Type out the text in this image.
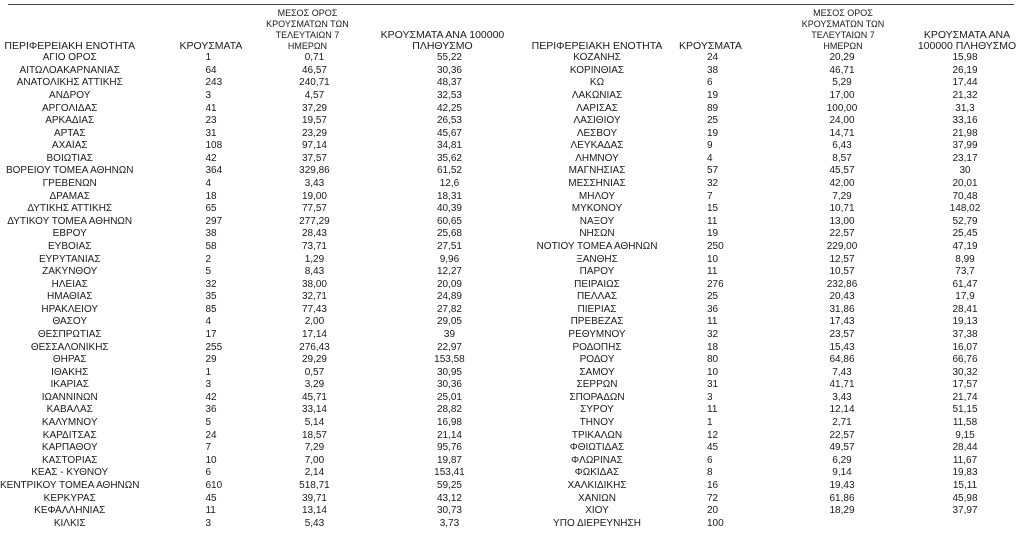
ΠΕΡΙΦΕΡΕΙΑΚΗ ΕΝΟΤΗΤΑ	ΚΡΟΥΣΜΑΤΑ	ΜΕΣΟΣ ΟΡΟΣ ΚΡΟΥΣΜΑΤΩΝ ΤΩΝ ΤΕΛΕΥΤΑΙΩΝ 7 ΗΜΕΡΩΝ	ΚΡΟΥΣΜΑΤΑ ΑΝΑ 100000 ΠΛΗΘΥΣΜΟ

ΑΓΙΟ ΟΡΟΣ	1	0,71	55,22
ΑΙΤΩΛΟΑΚΑΡΝΑΝΙΑΣ	64	46,57	30,36
ΑΝΑΤΟΛΙΚΗΣ ΑΤΤΙΚΗΣ	243	240,71	48,37
ΑΝΔΡΟΥ	3	4,57	32,53
ΑΡΓΟΛΙΔΑΣ	41	37,29	42,25
ΑΡΚΑΔΙΑΣ	23	19,57	26,53
ΑΡΤΑΣ	31	23,29	45,67
ΑΧΑΪΑΣ	108	97,14	34,81
ΒΟΙΩΤΙΑΣ	42	37,57	35,62
ΒΟΡΕΙΟΥ ΤΟΜΕΑ ΑΘΗΝΩΝ	364	329,86	61,52
ΓΡΕΒΕΝΩΝ	4	3,43	12,6
ΔΡΑΜΑΣ	18	19,00	18,31
ΔΥΤΙΚΗΣ ΑΤΤΙΚΗΣ	65	77,57	40,39
ΔΥΤΙΚΟΥ ΤΟΜΕΑ ΑΘΗΝΩΝ	297	277,29	60,65
ΕΒΡΟΥ	38	28,43	25,68
ΕΥΒΟΙΑΣ	58	73,71	27,51
ΕΥΡΥΤΑΝΙΑΣ	2	1,29	9,96
ΖΑΚΥΝΘΟΥ	5	8,43	12,27
ΗΛΕΙΑΣ	32	38,00	20,09
ΗΜΑΘΙΑΣ	35	32,71	24,89
ΗΡΑΚΛΕΙΟΥ	85	77,43	27,82
ΘΑΣΟΥ	4	2,00	29,05
ΘΕΣΠΡΩΤΙΑΣ	17	17,14	39
ΘΕΣΣΑΛΟΝΙΚΗΣ	255	276,43	22,97
ΘΗΡΑΣ	29	29,29	153,58
ΙΘΑΚΗΣ	1	0,57	30,95
ΙΚΑΡΙΑΣ	3	3,29	30,36
ΙΩΑΝΝΙΝΩΝ	42	45,71	25,01
ΚΑΒΑΛΑΣ	36	33,14	28,82
ΚΑΛΥΜΝΟΥ	5	5,14	16,98
ΚΑΡΔΙΤΣΑΣ	24	18,57	21,14
ΚΑΡΠΑΘΟΥ	7	7,29	95,76
ΚΑΣΤΟΡΙΑΣ	10	7,00	19,87
ΚΕΑΣ - ΚΥΘΝΟΥ	6	2,14	153,41
ΚΕΝΤΡΙΚΟΥ ΤΟΜΕΑ ΑΘΗΝΩΝ	610	518,71	59,25
ΚΕΡΚΥΡΑΣ	45	39,71	43,12
ΚΕΦΑΛΛΗΝΙΑΣ	11	13,14	30,73
ΚΙΛΚΙΣ	3	5,43	3,73
ΠΕΡΙΦΕΡΕΙΑΚΗ ΕΝΟΤΗΤΑ	ΚΡΟΥΣΜΑΤΑ	ΜΕΣΟΣ ΟΡΟΣ ΚΡΟΥΣΜΑΤΩΝ ΤΩΝ ΤΕΛΕΥΤΑΙΩΝ 7 ΗΜΕΡΩΝ	ΚΡΟΥΣΜΑΤΑ ΑΝΑ 100000 ΠΛΗΘΥΣΜΟ

ΚΟΖΑΝΗΣ	24	20,29	15,98
ΚΟΡΙΝΘΙΑΣ	38	46,71	26,19
ΚΩ	6	5,29	17,44
ΛΑΚΩΝΙΑΣ	19	17,00	21,32
ΛΑΡΙΣΑΣ	89	100,00	31,3
ΛΑΣΙΘΙΟΥ	25	24,00	33,16
ΛΕΣΒΟΥ	19	14,71	21,98
ΛΕΥΚΑΔΑΣ	9	6,43	37,99
ΛΗΜΝΟΥ	4	8,57	23,17
ΜΑΓΝΗΣΙΑΣ	57	45,57	30
ΜΕΣΣΗΝΙΑΣ	32	42,00	20,01
ΜΗΛΟΥ	7	7,29	70,48
ΜΥΚΟΝΟΥ	15	10,71	148,02
ΝΑΞΟΥ	11	13,00	52,79
ΝΗΣΩΝ	19	22,57	25,45
ΝΟΤΙΟΥ ΤΟΜΕΑ ΑΘΗΝΩΝ	250	229,00	47,19
ΞΑΝΘΗΣ	10	12,57	8,99
ΠΑΡΟΥ	11	10,57	73,7
ΠΕΙΡΑΙΩΣ	276	232,86	61,47
ΠΕΛΛΑΣ	25	20,43	17,9
ΠΙΕΡΙΑΣ	36	31,86	28,41
ΠΡΕΒΕΖΑΣ	11	17,43	19,13
ΡΕΘΥΜΝΟΥ	32	23,57	37,38
ΡΟΔΟΠΗΣ	18	15,43	16,07
ΡΟΔΟΥ	80	64,86	66,76
ΣΑΜΟΥ	10	7,43	30,32
ΣΕΡΡΩΝ	31	41,71	17,57
ΣΠΟΡΑΔΩΝ	3	3,43	21,74
ΣΥΡΟΥ	11	12,14	51,15
ΤΗΝΟΥ	1	2,71	11,58
ΤΡΙΚΑΛΩΝ	12	22,57	9,15
ΦΘΙΩΤΙΔΑΣ	45	49,57	28,44
ΦΛΩΡΙΝΑΣ	6	6,29	11,67
ΦΩΚΙΔΑΣ	8	9,14	19,83
ΧΑΛΚΙΔΙΚΗΣ	16	19,43	15,11
ΧΑΝΙΩΝ	72	61,86	45,98
ΧΙΟΥ	20	18,29	37,97
ΥΠΟ ΔΙΕΡΕΥΝΗΣΗ	100		
